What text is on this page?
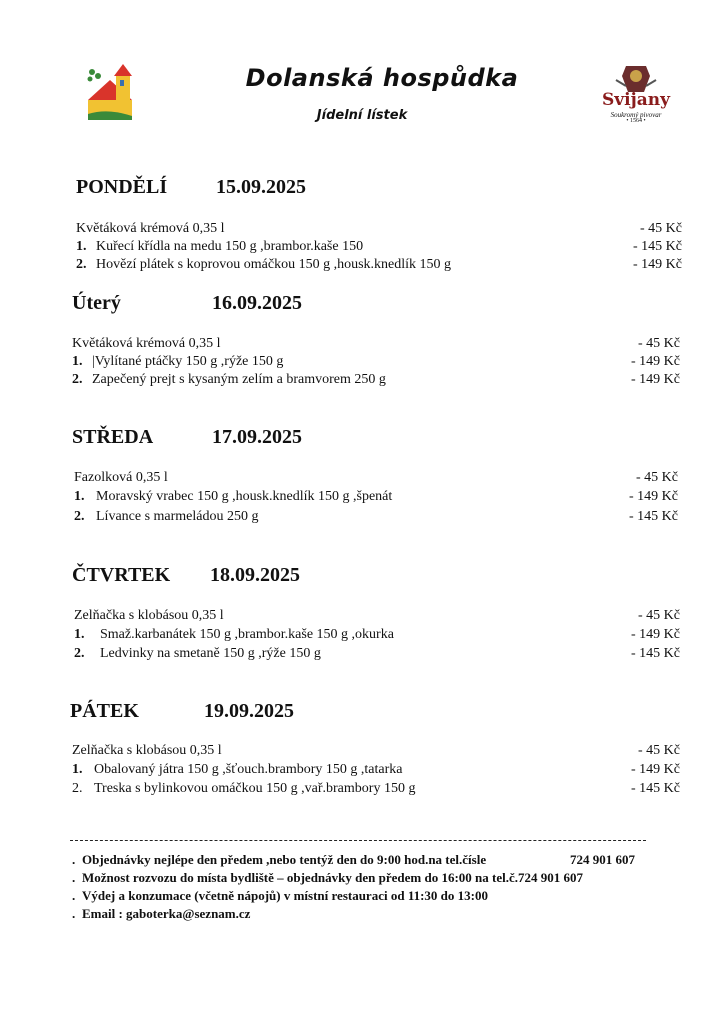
Dolanská hospůdka
Jídelní lístek
Svijany
Soukromý pivovar
• 1564 •
PONDĚLÍ 15.09.2025
Květáková krémová 0,35 l	- 45 Kč
1. Kuřecí křídla na medu 150 g ,brambor.kaše 150	- 145 Kč
2. Hovězí plátek s koprovou omáčkou 150 g ,housk.knedlík 150 g	- 149 Kč
Úterý	16.09.2025
Květáková krémová 0,35 l	- 45 Kč
1. |Vylítané ptáčky 150 g ,rýže 150 g	- 149 Kč
2. Zapečený prejt s kysaným zelím a bramvorem 250 g	- 149 Kč
STŘEDA	17.09.2025
Fazolková 0,35 l	- 45 Kč
1. Moravský vrabec 150 g ,housk.knedlík 150 g ,špenát	- 149 Kč
2. Lívance s marmeládou 250 g	- 145 Kč
ČTVRTEK 18.09.2025
Zelňačka s klobásou 0,35 l	- 45 Kč
1. Smaž.karbanátek 150 g ,brambor.kaše 150 g ,okurka	- 149 Kč
2. Ledvinky na smetaně 150 g ,rýže 150 g	- 145 Kč
PÁTEK	19.09.2025
Zelňačka s klobásou 0,35 l	- 45 Kč
1. Obalovaný játra 150 g ,šťouch.brambory 150 g ,tatarka	- 149 Kč
2. Treska s bylinkovou omáčkou 150 g ,vař.brambory 150 g	- 145 Kč
. Objednávky nejlépe den předem ,nebo tentýž den do 9:00 hod.na tel.čísle	724 901 607
. Možnost rozvozu do místa bydliště – objednávky den předem do 16:00 na tel.č.724 901 607
. Výdej a konzumace (včetně nápojů) v místní restauraci od 11:30 do 13:00
. Email : gaboterka@seznam.cz
